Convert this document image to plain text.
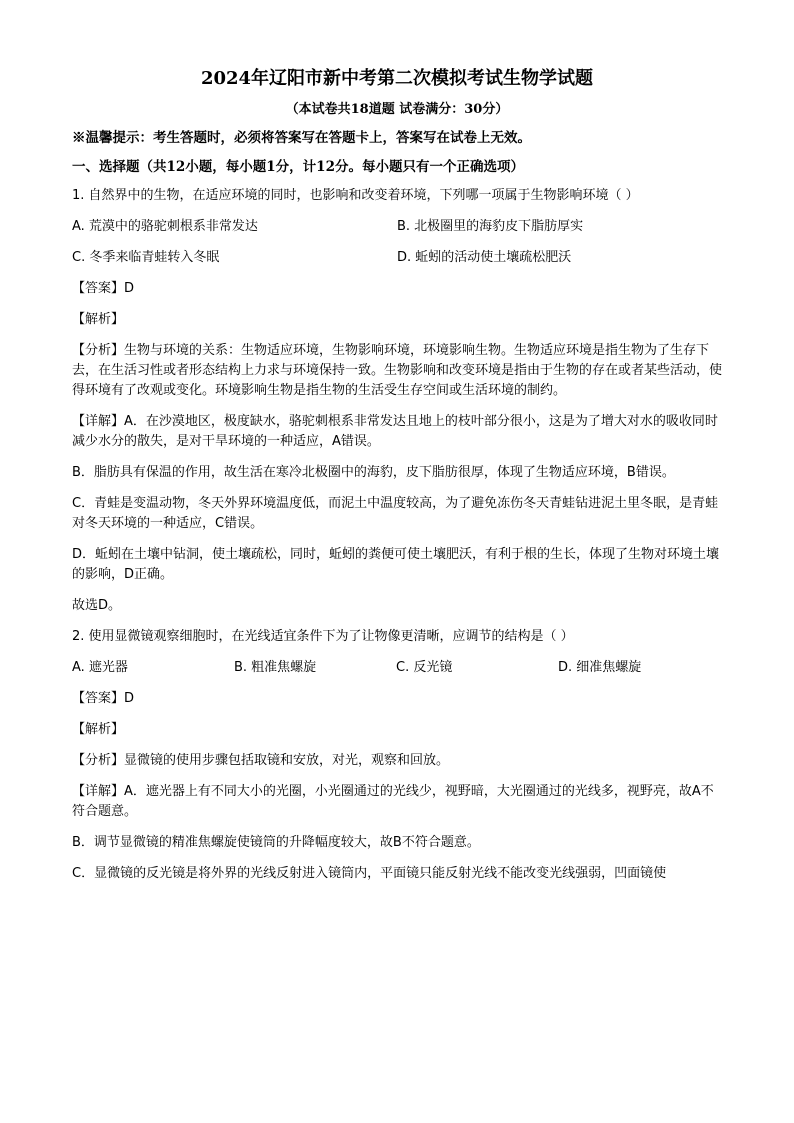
2024年辽阳市新中考第二次模拟考试生物学试题
（本试卷共18道题 试卷满分：30分）
※温馨提示：考生答题时，必须将答案写在答题卡上，答案写在试卷上无效。
一、选择题（共12小题，每小题1分，计12分。每小题只有一个正确选项）
1. 自然界中的生物，在适应环境的同时，也影响和改变着环境，下列哪一项属于生物影响环境（ ）
A. 荒漠中的骆驼刺根系非常发达	B. 北极圈里的海豹皮下脂肪厚实
C. 冬季来临青蛙转入冬眠	D. 蚯蚓的活动使土壤疏松肥沃
【答案】D
【解析】
【分析】生物与环境的关系：生物适应环境，生物影响环境，环境影响生物。生物适应环境是指生物为了生存下去，在生活习性或者形态结构上力求与环境保持一致。生物影响和改变环境是指由于生物的存在或者某些活动，使得环境有了改观或变化。环境影响生物是指生物的生活受生存空间或生活环境的制约。
【详解】A．在沙漠地区，极度缺水，骆驼刺根系非常发达且地上的枝叶部分很小，这是为了增大对水的吸收同时减少水分的散失，是对干旱环境的一种适应，A错误。
B．脂肪具有保温的作用，故生活在寒冷北极圈中的海豹，皮下脂肪很厚，体现了生物适应环境，B错误。
C．青蛙是变温动物，冬天外界环境温度低，而泥土中温度较高，为了避免冻伤冬天青蛙钻进泥土里冬眠，是青蛙对冬天环境的一种适应，C错误。
D．蚯蚓在土壤中钻洞，使土壤疏松，同时，蚯蚓的粪便可使土壤肥沃，有利于根的生长，体现了生物对环境土壤的影响，D正确。
故选D。
2. 使用显微镜观察细胞时，在光线适宜条件下为了让物像更清晰，应调节的结构是（ ）
A. 遮光器	B. 粗准焦螺旋	C. 反光镜	D. 细准焦螺旋
【答案】D
【解析】
【分析】显微镜的使用步骤包括取镜和安放，对光，观察和回放。
【详解】A．遮光器上有不同大小的光圈，小光圈通过的光线少，视野暗，大光圈通过的光线多，视野亮，故A不符合题意。
B．调节显微镜的精准焦螺旋使镜筒的升降幅度较大，故B不符合题意。
C．显微镜的反光镜是将外界的光线反射进入镜筒内，平面镜只能反射光线不能改变光线强弱，凹面镜使
